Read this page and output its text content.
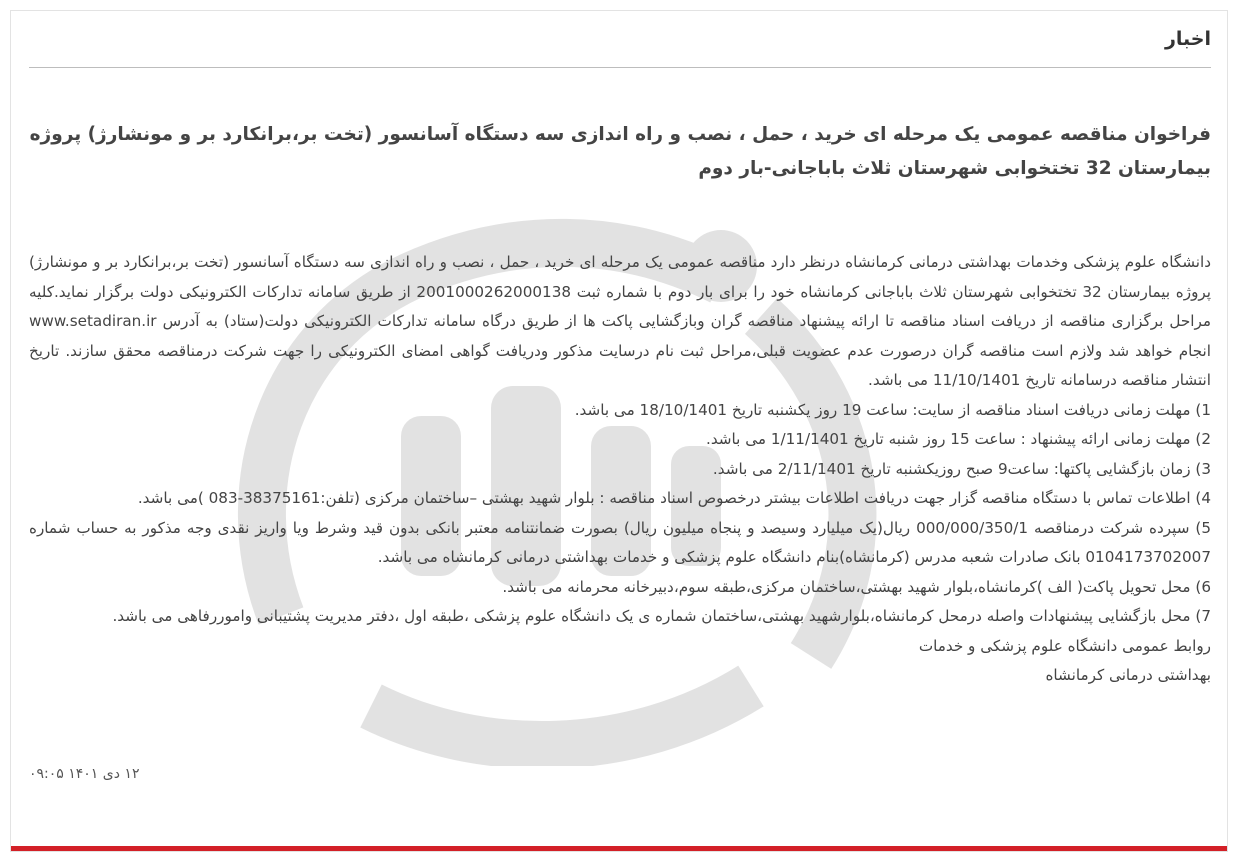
اخبار
فراخوان مناقصه عمومی یک مرحله ای خرید ، حمل ، نصب و راه اندازی سه دستگاه آسانسور (تخت بر،برانکارد بر و مونشارژ) پروژه بیمارستان 32 تختخوابی شهرستان ثلاث باباجانی-بار دوم

دانشگاه علوم پزشکی وخدمات بهداشتی درمانی کرمانشاه درنظر دارد مناقصه عمومی یک مرحله ای خرید ، حمل ، نصب و راه اندازی سه دستگاه آسانسور (تخت بر،برانکارد بر و مونشارژ) پروژه بیمارستان 32 تختخوابی شهرستان ثلاث باباجانی کرمانشاه خود را برای بار دوم با شماره ثبت 2001000262000138 از طریق سامانه تدارکات الکترونیکی دولت برگزار نماید.کلیه مراحل برگزاری مناقصه از دریافت اسناد مناقصه تا ارائه پیشنهاد مناقصه گران وبازگشایی پاکت ها از طریق درگاه سامانه تدارکات الکترونیکی دولت(ستاد) به آدرس www.setadiran.ir انجام خواهد شد ولازم است مناقصه گران درصورت عدم عضویت قبلی،مراحل ثبت نام درسایت مذکور ودریافت گواهی امضای الکترونیکی را جهت شرکت درمناقصه محقق سازند. تاریخ انتشار مناقصه درسامانه تاریخ 11/10/1401 می باشد.

1) مهلت زمانی دریافت اسناد مناقصه از سایت: ساعت 19 روز یکشنبه تاریخ 18/10/1401 می باشد.

2) مهلت زمانی ارائه پیشنهاد : ساعت 15 روز شنبه تاریخ 1/11/1401 می باشد.

3) زمان بازگشایی پاکتها: ساعت9 صبح روزیکشنبه تاریخ 2/11/1401 می باشد.

4) اطلاعات تماس با دستگاه مناقصه گزار جهت دریافت اطلاعات بیشتر درخصوص اسناد مناقصه : بلوار شهید بهشتی –ساختمان مرکزی (تلفن:38375161-083 )می باشد.

5) سپرده شرکت درمناقصه 000/000/350/1 ریال(یک میلیارد وسیصد و پنجاه میلیون ریال) بصورت ضمانتنامه معتبر بانکی بدون قید وشرط ویا واریز نقدی وجه مذکور به حساب شماره 0104173702007 بانک صادرات شعبه مدرس (کرمانشاه)بنام دانشگاه علوم پزشکی و خدمات بهداشتی درمانی کرمانشاه می باشد.

6) محل تحویل پاکت( الف )کرمانشاه،بلوار شهید بهشتی،ساختمان مرکزی،طبقه سوم،دبیرخانه محرمانه می باشد.

7) محل بازگشایی پیشنهادات واصله درمحل کرمانشاه،بلوارشهید بهشتی،ساختمان شماره ی یک دانشگاه علوم پزشکی ،طبقه اول ،دفتر مدیریت پشتیبانی واموررفاهی می باشد.

روابط عمومی دانشگاه علوم پزشکی و خدمات

بهداشتی درمانی کرمانشاه

۱۲ دی ۱۴۰۱ ۰۹:۰۵
